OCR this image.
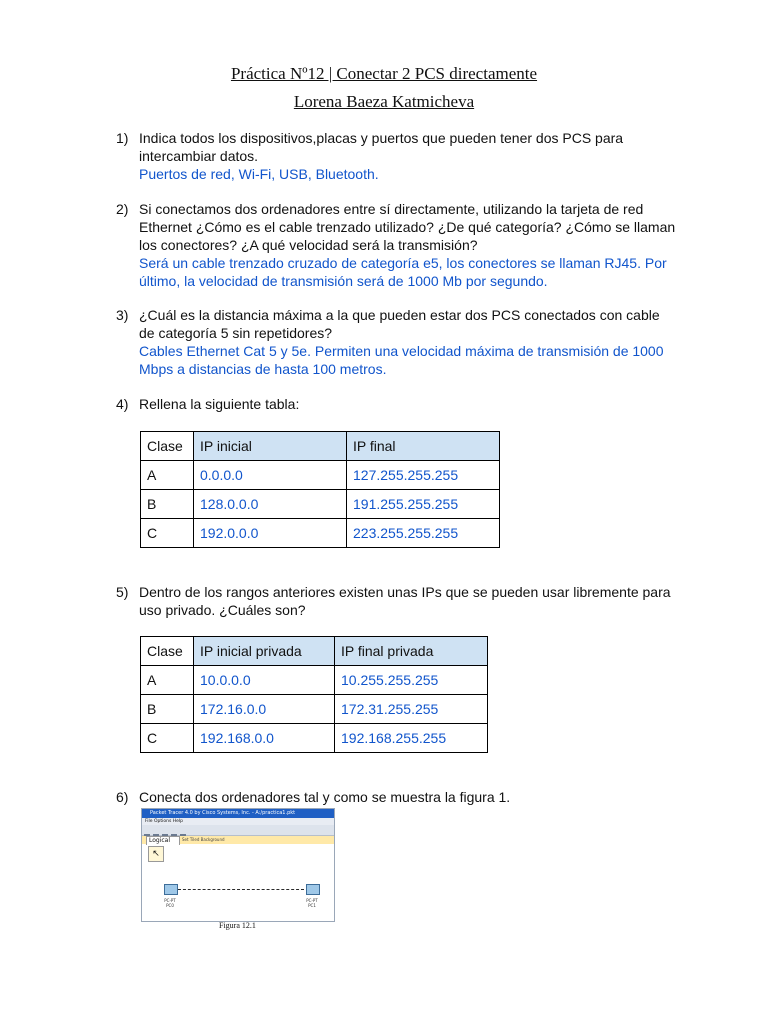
Práctica Nº12 | Conectar 2 PCS directamente
Lorena Baeza Katmicheva
1) Indica todos los dispositivos,placas y puertos que pueden tener dos PCS para intercambiar datos.
Puertos de red, Wi-Fi, USB, Bluetooth.
2) Si conectamos dos ordenadores entre sí directamente, utilizando la tarjeta de red Ethernet ¿Cómo es el cable trenzado utilizado? ¿De qué categoría? ¿Cómo se llaman los conectores? ¿A qué velocidad será la transmisión?
Será un cable trenzado cruzado de categoría e5, los conectores se llaman RJ45. Por último, la velocidad de transmisión será de 1000 Mb por segundo.
3) ¿Cuál es la distancia máxima a la que pueden estar dos PCS conectados con cable de categoría 5 sin repetidores?
Cables Ethernet Cat 5 y 5e. Permiten una velocidad máxima de transmisión de 1000 Mbps a distancias de hasta 100 metros.
4) Rellena la siguiente tabla:
Clase	IP inicial	IP final
A	0.0.0.0	127.255.255.255
B	128.0.0.0	191.255.255.255
C	192.0.0.0	223.255.255.255
5) Dentro de los rangos anteriores existen unas IPs que se pueden usar libremente para uso privado. ¿Cuáles son?
Clase	IP inicial privada	IP final privada
A	10.0.0.0	10.255.255.255
B	172.16.0.0	172.31.255.255
C	192.168.0.0	192.168.255.255
6) Conecta dos ordenadores tal y como se muestra la figura 1.
Packet Tracer 4.0 by Cisco Systems, Inc. - A:/practica1.pkt
File Options Help
Logical	Set Tiled Background
↖
PC-PT
PC0
PC-PT
PC1
Figura 12.1
